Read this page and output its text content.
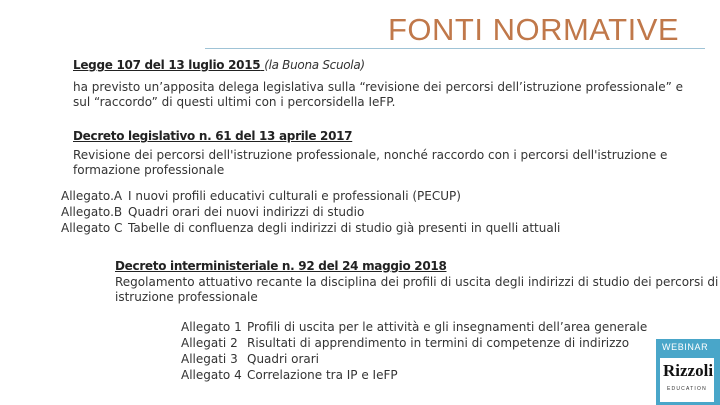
FONTI NORMATIVE
Legge 107 del 13 luglio 2015 (la Buona Scuola)
ha previsto un’apposita delega legislativa sulla “revisione dei percorsi dell’istruzione professionale” e
sul “raccordo” di questi ultimi con i percorsidella IeFP.
Decreto legislativo n. 61 del 13 aprile 2017
Revisione dei percorsi dell'istruzione professionale, nonché raccordo con i percorsi dell'istruzione e
formazione professionale
Allegato.A I nuovi profili educativi culturali e professionali (PECUP)
Allegato.B Quadri orari dei nuovi indirizzi di studio
Allegato C Tabelle di confluenza degli indirizzi di studio già presenti in quelli attuali
Decreto interministeriale n. 92 del 24 maggio 2018
Regolamento attuativo recante la disciplina dei profili di uscita degli indirizzi di studio dei percorsi di
istruzione professionale
Allegato 1 Profili di uscita per le attività e gli insegnamenti dell’area generale
Allegati 2 Risultati di apprendimento in termini di competenze di indirizzo
Allegati 3 Quadri orari
Allegato 4 Correlazione tra IP e IeFP
WEBINAR
Rizzoli
EDUCATION
